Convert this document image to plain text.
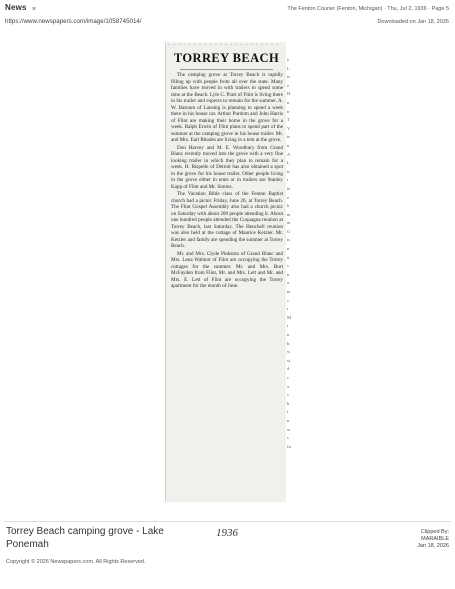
News ⌘
https://www.newspapers.com/image/1058745014/
The Fenton Courier (Fenton, Michigan) · Thu, Jul 2, 1936 · Page 5
Downloaded on Jan 18, 2026
~ ~ ~ ~ ~ ~ ~ ~ ~ ~ ~ ~ ~ ~ ~ ~ ~ ~ ~ ~ ~ ~
TORREY BEACH

The camping grove at Torrey Beach is rapidly filling up with people from all over the state. Many families have moved in with trailers to spend some time at the Beach. Lyle C. Pratt of Flint is living there in his trailer and expects to remain for the summer. A. W. Barnum of Lansing is planning to spend a week there in his house car. Arthur Purdom and John Harris of Flint are making their home in the grove for a week. Ralph Erwin of Flint plans to spend part of the summer at the camping grove in his house trailer. Mr. and Mrs. Earl Rhodes are living in a tent at the grove.

Don Harvey and M. E. Woodbury from Grand Blanc recently moved into the grove with a very fine looking trailer in which they plan to remain for a week. H. Rispelle of Detroit has also obtained a spot in the grove for his house trailer. Other people living in the grove either in tents or in trailers are Stanley Kapp of Flint and Mr. Simms.

The Vacation Bible class of the Fenton Baptist church had a picnic Friday, June 26, at Torrey Beach. The Flint Gospel Assembly also had a church picnic on Saturday with about 200 people attending it. About one hundred people attended the Cuquagna reunion at Torrey Beach, last Saturday. The Henchell reunion was also held at the cottage of Maurice Ketzler. Mr. Ketzler and family are spending the summer at Torrey Beach.

Mr. and Mrs. Clyde Pinkston of Grand Blanc and Mrs. Lena Walmot of Flint are occupying the Torrey cottages for the summer. Mr. and Mrs. Burt McFayden from Flint, Mr. and Mrs. Lett and Mr. and Mrs. E. Lett of Flint are occupying the Torrey apartment for the month of June.

y
L
ts
e
H
n
ir
T
V
ts
n
A
L
is
r
te
e
b
m
m
G
is
n
ti
s
n
a
ta
c
r
M
t
n
b
w
si
d
c
a
s
b
f
n
w
s
fu
Torrey Beach camping grove - Lake Ponemah
1936	Clipped By:
MARAIBLE
Jan 18, 2026
Copyright © 2026 Newspapers.com. All Rights Reserved.
